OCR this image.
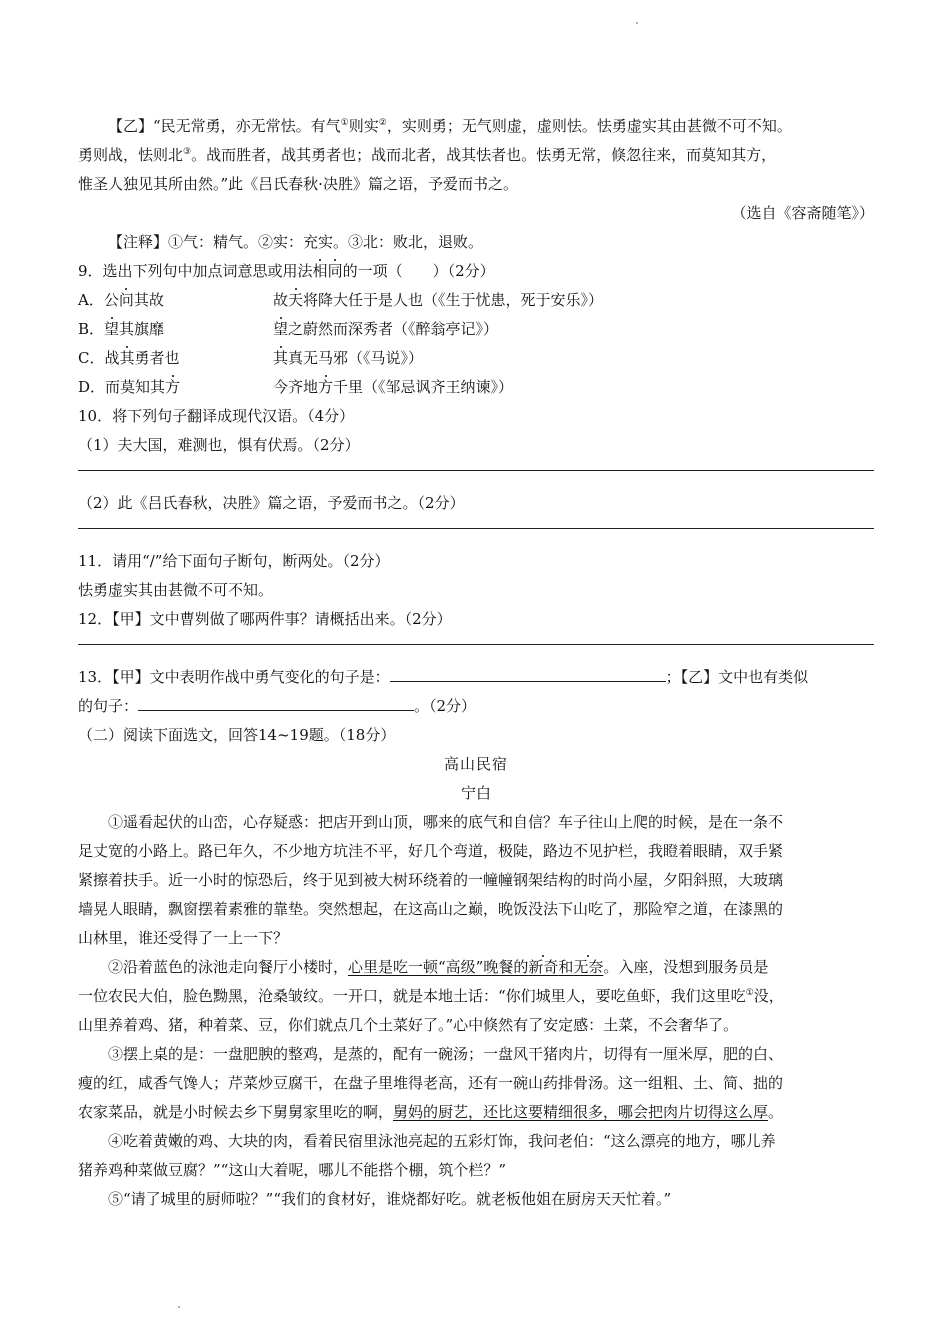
【乙】“民无常勇，亦无常怯。有气①则实②，实则勇；无气则虚，虚则怯。怯勇虚实其由甚微不可不知。
勇则战，怯则北③。战而胜者，战其勇者也；战而北者，战其怯者也。怯勇无常，倏忽往来，而莫知其方，
惟圣人独见其所由然。”此《吕氏春秋·决胜》篇之语，予爱而书之。
（选自《容斋随笔》）
【注释】①气：精气。②实：充实。③北：败北，退败。
9．选出下列句中加点词意思或用法相同的一项（　　）（2分）
A．公问其故	故天将降大任于是人也（《生于忧患，死于安乐》）
B．望其旗靡	望之蔚然而深秀者（《醉翁亭记》）
C．战其勇者也	其真无马邪（《马说》）
D．而莫知其方	今齐地方千里（《邹忌讽齐王纳谏》）
10．将下列句子翻译成现代汉语。（4分）
（1）夫大国，难测也，惧有伏焉。（2分）
（2）此《吕氏春秋，决胜》篇之语，予爱而书之。（2分）
11．请用“/”给下面句子断句，断两处。（2分）
怯勇虚实其由甚微不可不知。
12．【甲】文中曹刿做了哪两件事？请概括出来。（2分）
13．【甲】文中表明作战中勇气变化的句子是：	；【乙】文中也有类似
的句子：	。（2分）
（二）阅读下面选文，回答14~19题。（18分）
高山民宿
宁白
①遥看起伏的山峦，心存疑惑：把店开到山顶，哪来的底气和自信？车子往山上爬的时候，是在一条不
足丈宽的小路上。路已年久，不少地方坑洼不平，好几个弯道，极陡，路边不见护栏，我瞪着眼睛，双手紧
紧擦着扶手。近一小时的惊恐后，终于见到被大树环绕着的一幢幢钢架结构的时尚小屋，夕阳斜照，大玻璃
墙晃人眼睛，飘窗摆着素雅的靠垫。突然想起，在这高山之巅，晚饭没法下山吃了，那险窄之道，在漆黑的
山林里，谁还受得了一上一下？
②沿着蓝色的泳池走向餐厅小楼时，心里是吃一顿“高级”晚餐的新奇和无奈。入座，没想到服务员是
一位农民大伯，脸色黝黑，沧桑皱纹。一开口，就是本地土话：“你们城里人，要吃鱼虾，我们这里吃①没，
山里养着鸡、猪，种着菜、豆，你们就点几个土菜好了。”心中倏然有了安定感：土菜，不会奢华了。
③摆上桌的是：一盘肥腴的整鸡，是蒸的，配有一碗汤；一盘风干猪肉片，切得有一厘米厚，肥的白、
瘦的红，咸香气馋人；芹菜炒豆腐干，在盘子里堆得老高，还有一碗山药排骨汤。这一组粗、土、简、拙的
农家菜品，就是小时候去乡下舅舅家里吃的啊，舅妈的厨艺，还比这要精细很多，哪会把肉片切得这么厚。
④吃着黄嫩的鸡、大块的肉，看着民宿里泳池亮起的五彩灯饰，我问老伯：“这么漂亮的地方，哪儿养
猪养鸡种菜做豆腐？”“这山大着呢，哪儿不能搭个棚，筑个栏？”
⑤“请了城里的厨师啦？”“我们的食材好，谁烧都好吃。就老板他姐在厨房天天忙着。”
